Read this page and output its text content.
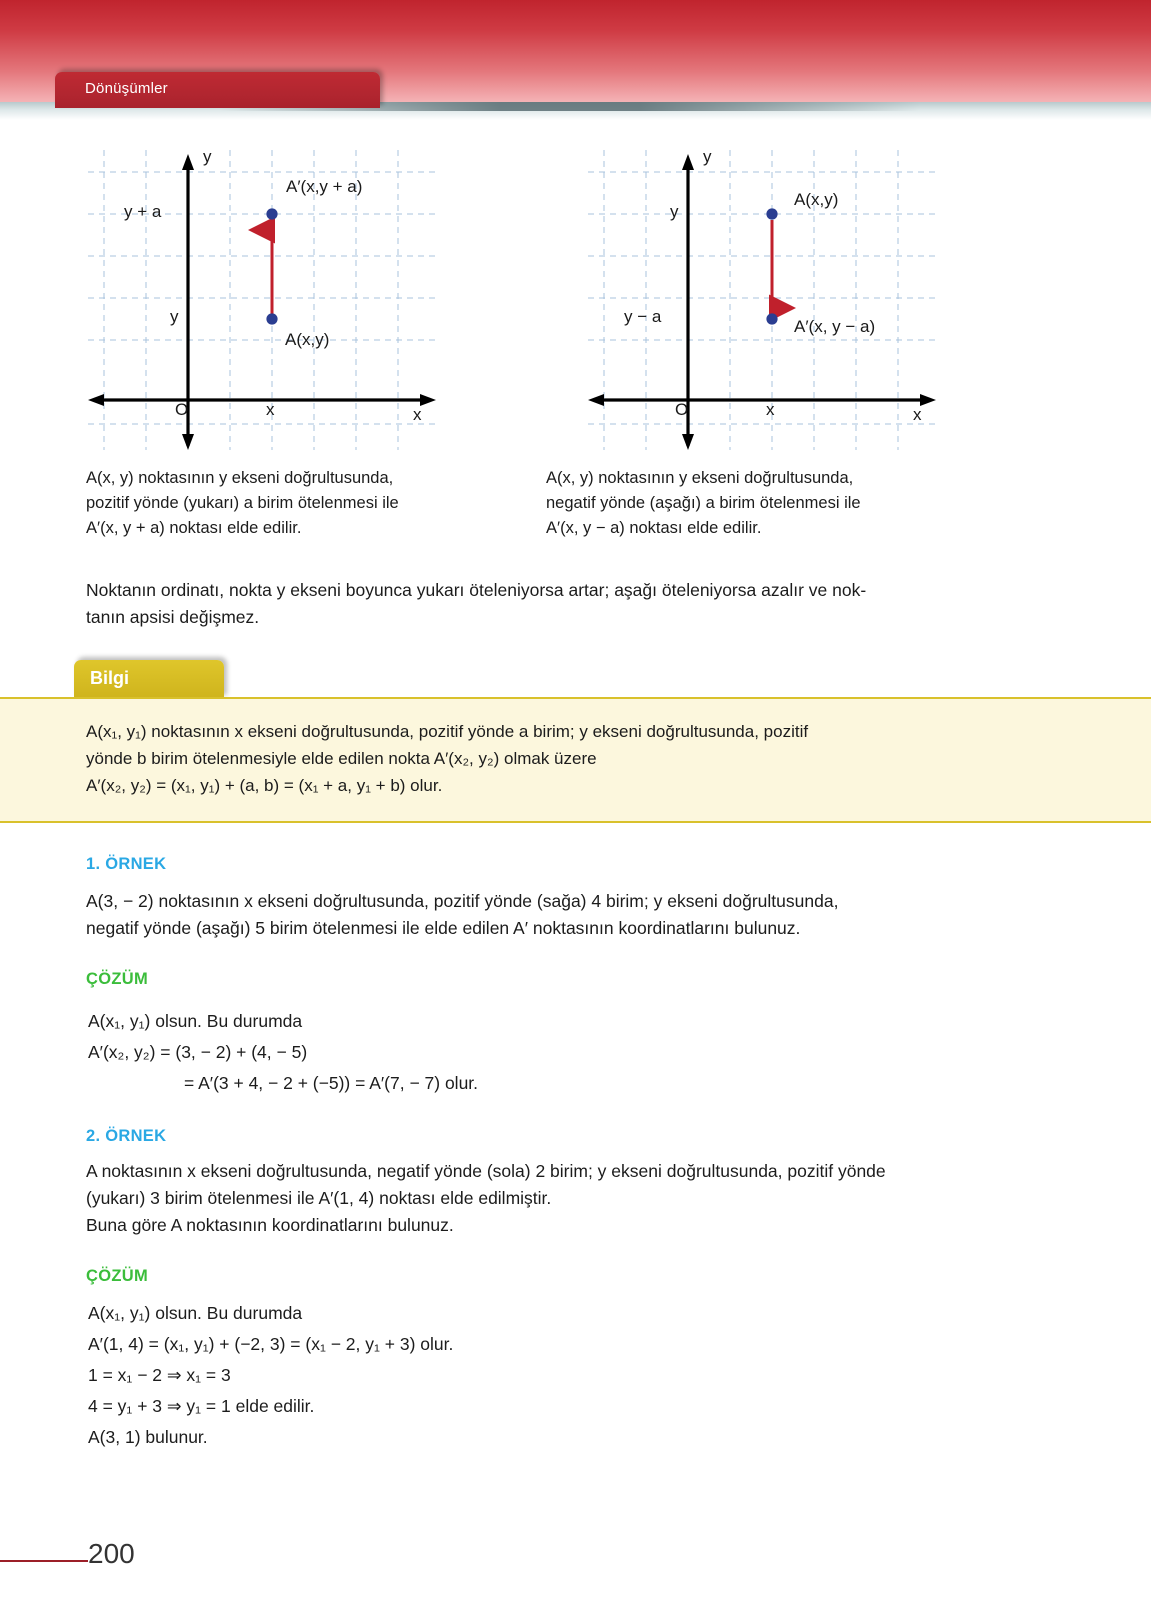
Dönüşümler
y
x
O	x
y
y + a
A(x,y)
A′(x,y + a)
y
x
O	x
y
y − a
A(x,y)
A′(x, y − a)
A(x, y) noktasının y ekseni doğrultusunda,
pozitif yönde (yukarı) a birim ötelenmesi ile
A′(x, y + a) noktası elde edilir.
A(x, y) noktasının y ekseni doğrultusunda,
negatif yönde (aşağı) a birim ötelenmesi ile
A′(x, y − a) noktası elde edilir.
Noktanın ordinatı, nokta y ekseni boyunca yukarı öteleniyorsa artar; aşağı öteleniyorsa azalır ve nok-
tanın apsisi değişmez.
Bilgi
A(x₁, y₁) noktasının x ekseni doğrultusunda, pozitif yönde a birim; y ekseni doğrultusunda, pozitif
yönde b birim ötelenmesiyle elde edilen nokta A′(x₂, y₂) olmak üzere
A′(x₂, y₂) = (x₁, y₁) + (a, b) = (x₁ + a, y₁ + b) olur.
1. ÖRNEK
A(3, − 2) noktasının x ekseni doğrultusunda, pozitif yönde (sağa) 4 birim; y ekseni doğrultusunda,
negatif yönde (aşağı) 5 birim ötelenmesi ile elde edilen A′ noktasının koordinatlarını bulunuz.
ÇÖZÜM
A(x₁, y₁) olsun. Bu durumda
A′(x₂, y₂) = (3, − 2) + (4, − 5)
= A′(3 + 4, − 2 + (−5)) = A′(7, − 7) olur.
2. ÖRNEK
A noktasının x ekseni doğrultusunda, negatif yönde (sola) 2 birim; y ekseni doğrultusunda, pozitif yönde
(yukarı) 3 birim ötelenmesi ile A′(1, 4) noktası elde edilmiştir.
Buna göre A noktasının koordinatlarını bulunuz.
ÇÖZÜM
A(x₁, y₁) olsun. Bu durumda
A′(1, 4) = (x₁, y₁) + (−2, 3) = (x₁ − 2, y₁ + 3) olur.
1 = x₁ − 2 ⇒ x₁ = 3
4 = y₁ + 3 ⇒ y₁ = 1 elde edilir.
A(3, 1) bulunur.
200
